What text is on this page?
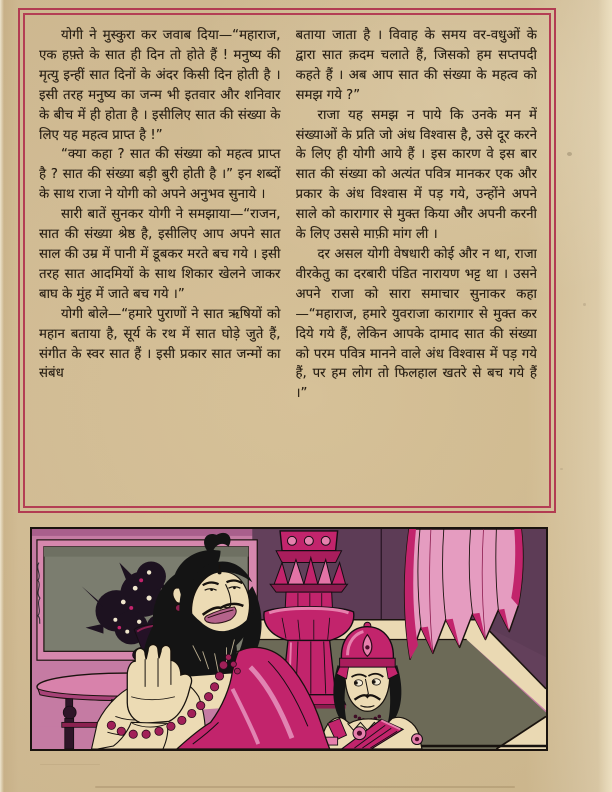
योगी ने मुस्कुरा कर जवाब दिया—“महाराज, एक हफ़्ते के सात ही दिन तो होते हैं ! मनुष्य की मृत्यु इन्हीं सात दिनों के अंदर किसी दिन होती है । इसी तरह मनुष्य का जन्म भी इतवार और शनिवार के बीच में ही होता है । इसीलिए सात की संख्या के लिए यह महत्व प्राप्त है !”

“क्या कहा ? सात की संख्या को महत्व प्राप्त है ? सात की संख्या बड़ी बुरी होती है ।” इन शब्दों के साथ राजा ने योगी को अपने अनुभव सुनाये ।

सारी बातें सुनकर योगी ने समझाया—“राजन, सात की संख्या श्रेष्ठ है, इसीलिए आप अपने सात साल की उम्र में पानी में डूबकर मरते बच गये । इसी तरह सात आदमियों के साथ शिकार खेलने जाकर बाघ के मुंह में जाते बच गये ।”

योगी बोले—“हमारे पुराणों ने सात ऋषियों को महान बताया है, सूर्य के रथ में सात घोड़े जुते हैं, संगीत के स्वर सात हैं । इसी प्रकार सात जन्मों का संबंध

बताया जाता है । विवाह के समय वर-वधुओं के द्वारा सात क़दम चलाते हैं, जिसको हम सप्तपदी कहते हैं । अब आप सात की संख्या के महत्व को समझ गये ?”

राजा यह समझ न पाये कि उनके मन में संख्याओं के प्रति जो अंध विश्वास है, उसे दूर करने के लिए ही योगी आये हैं । इस कारण वे इस बार सात की संख्या को अत्यंत पवित्र मानकर एक और प्रकार के अंध विश्वास में पड़ गये, उन्होंने अपने साले को कारागार से मुक्त किया और अपनी करनी के लिए उससे माफ़ी मांग ली ।

दर असल योगी वेषधारी कोई और न था, राजा वीरकेतु का दरबारी पंडित नारायण भट्ट था । उसने अपने राजा को सारा समाचार सुनाकर कहा—“महाराज, हमारे युवराजा कारागार से मुक्त कर दिये गये हैं, लेकिन आपके दामाद सात की संख्या को परम पवित्र मानने वाले अंध विश्वास में पड़ गये हैं, पर हम लोग तो फिलहाल खतरे से बच गये हैं ।”
